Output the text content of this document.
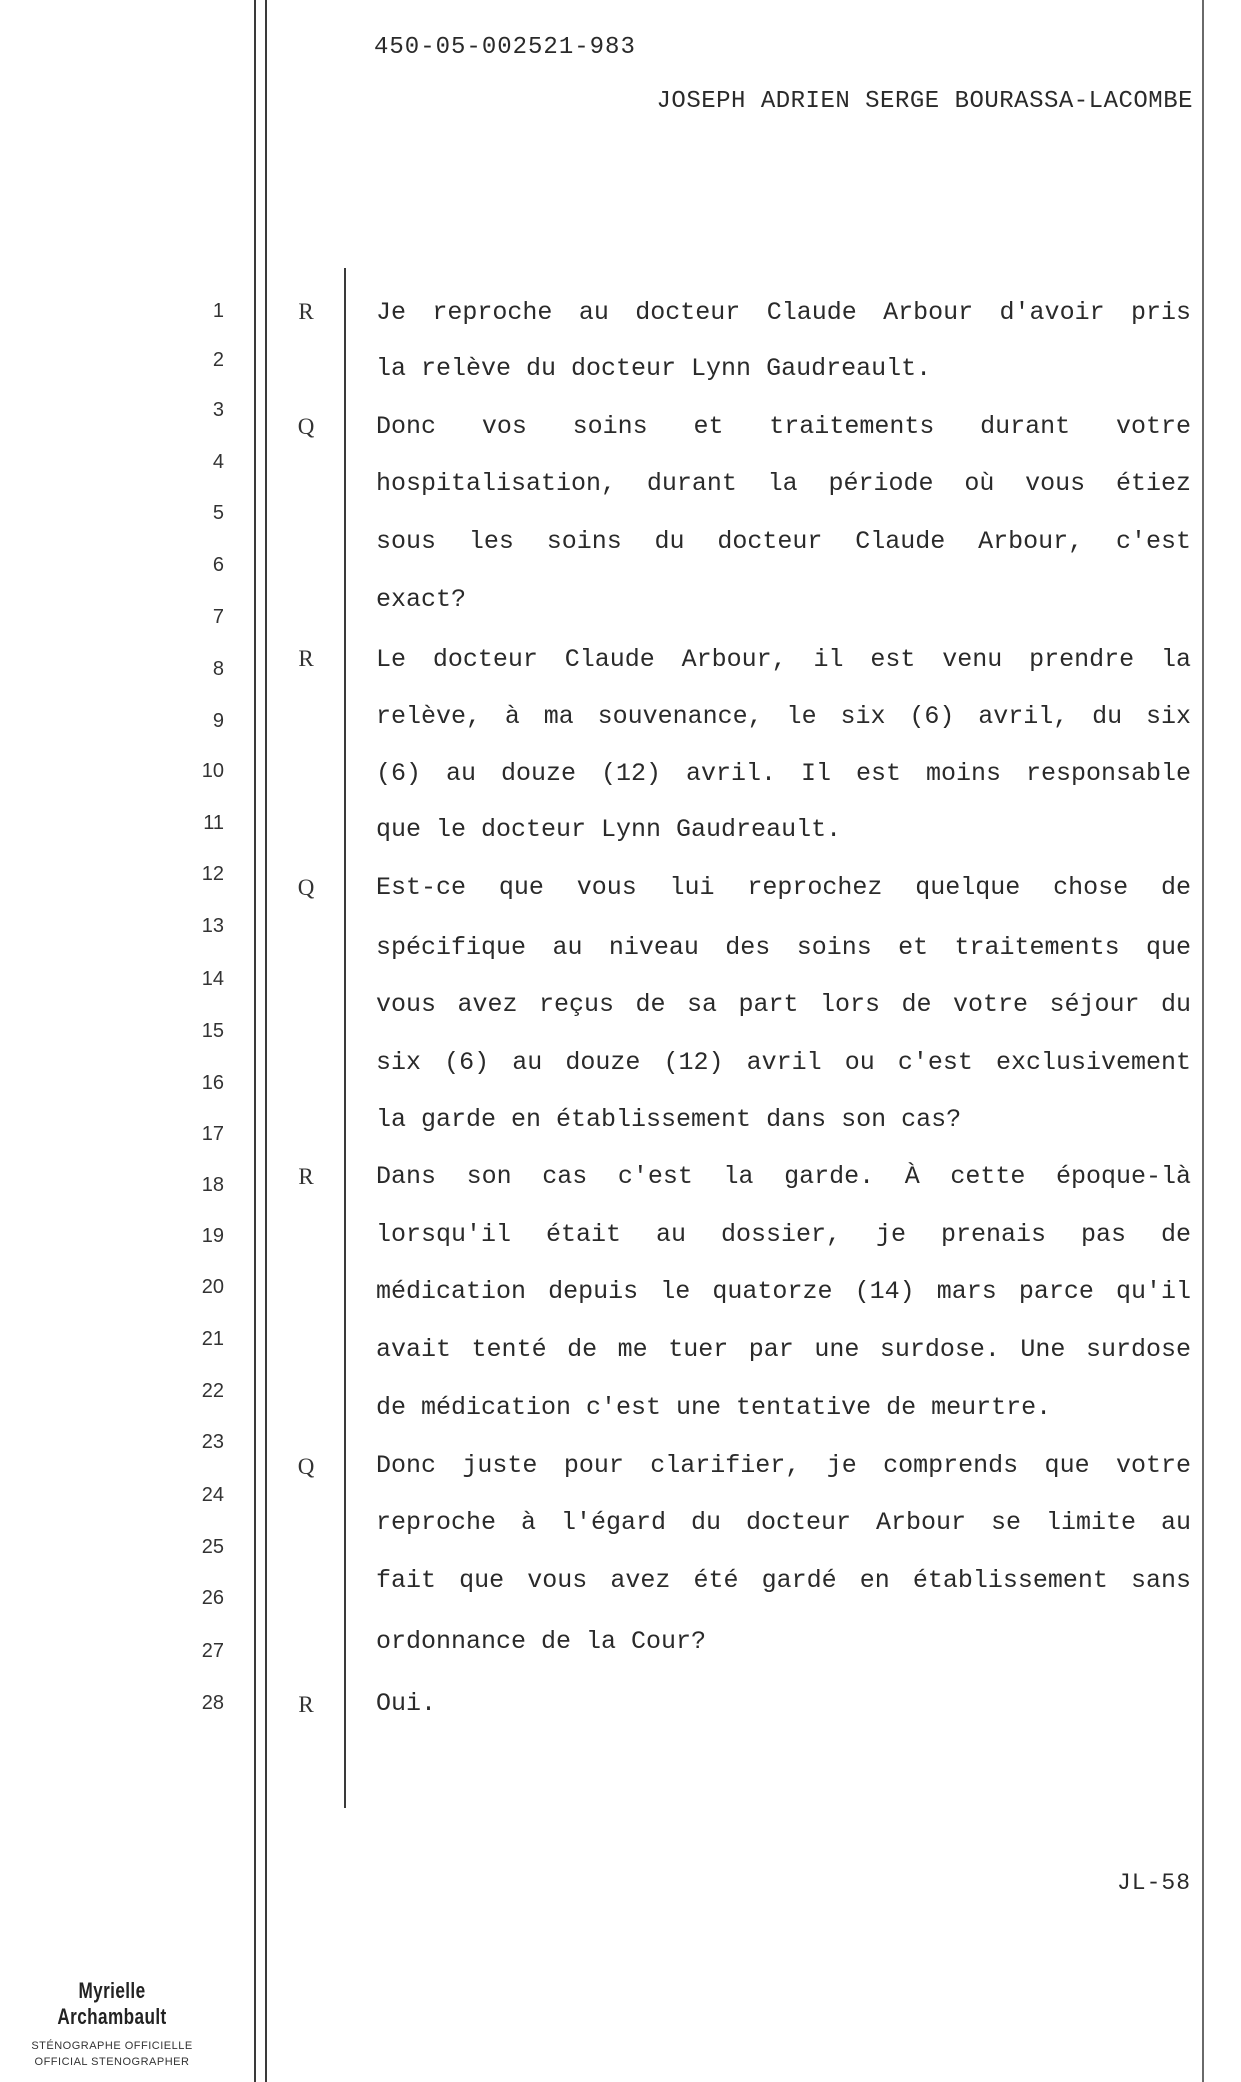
450-05-002521-983
JOSEPH ADRIEN SERGE BOURASSA-LACOMBE
1
2
3
4
5
6
7
8
9
10
11
12
13
14
15
16
17
18
19
20
21
22
23
24
25
26
27
28
R
Q
R
Q
R
Q
R
Je reproche au docteur Claude Arbour d'avoir pris
la relève du docteur Lynn Gaudreault.
Donc vos soins et traitements durant votre
hospitalisation, durant la période où vous étiez
sous les soins du docteur Claude Arbour, c'est
exact?
Le docteur Claude Arbour, il est venu prendre la
relève, à ma souvenance, le six (6) avril, du six
(6) au douze (12) avril. Il est moins responsable
que le docteur Lynn Gaudreault.
Est-ce que vous lui reprochez quelque chose de
spécifique au niveau des soins et traitements que
vous avez reçus de sa part lors de votre séjour du
six (6) au douze (12) avril ou c'est exclusivement
la garde en établissement dans son cas?
Dans son cas c'est la garde. À cette époque-là
lorsqu'il était au dossier, je prenais pas de
médication depuis le quatorze (14) mars parce qu'il
avait tenté de me tuer par une surdose. Une surdose
de médication c'est une tentative de meurtre.
Donc juste pour clarifier, je comprends que votre
reproche à l'égard du docteur Arbour se limite au
fait que vous avez été gardé en établissement sans
ordonnance de la Cour?
Oui.
JL-58
Myrielle Archambault
STÉNOGRAPHE OFFICIELLE
OFFICIAL STENOGRAPHER
